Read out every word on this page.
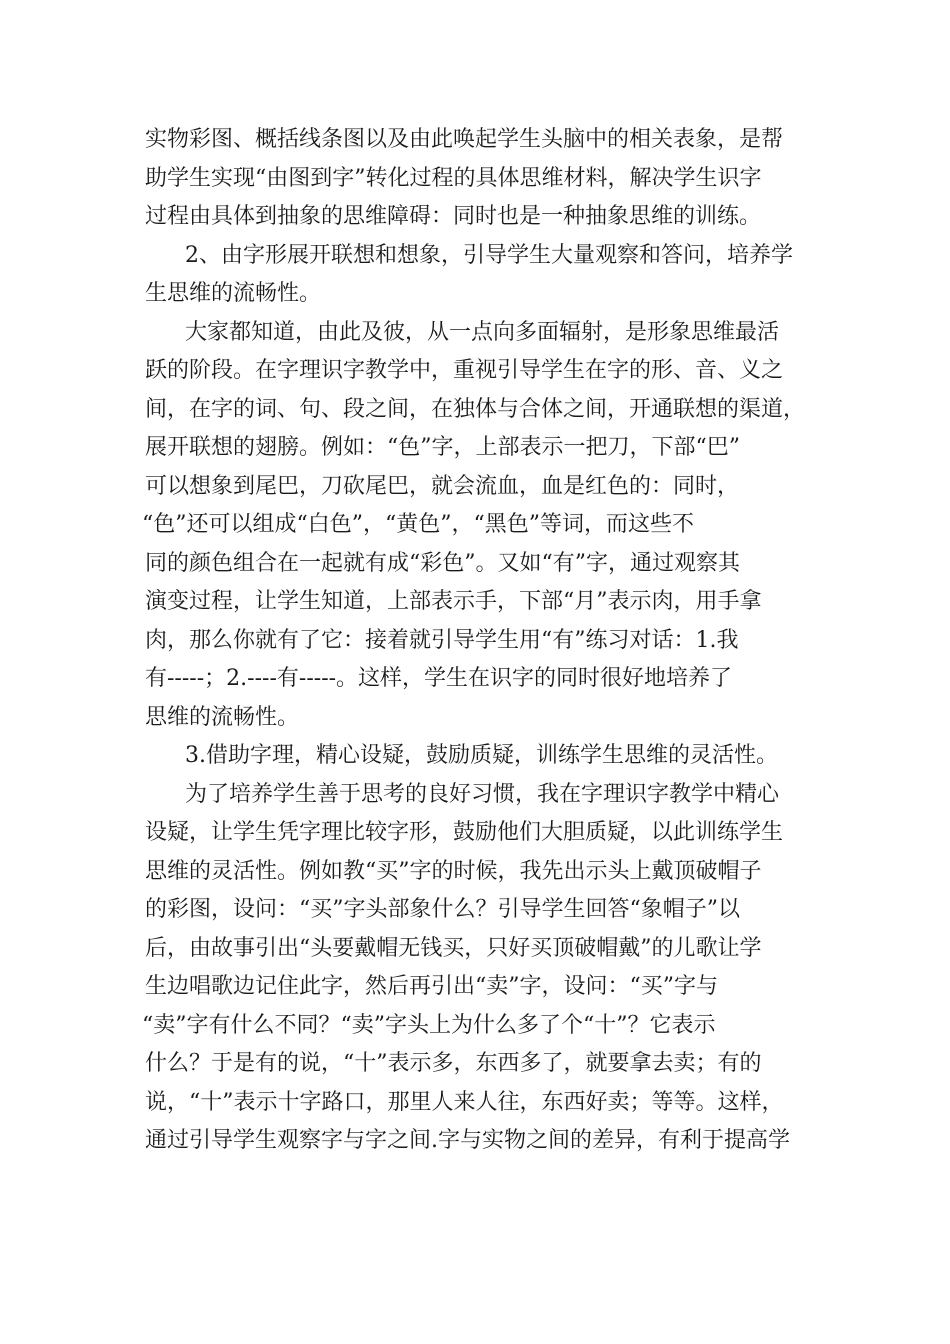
实物彩图、概括线条图以及由此唤起学生头脑中的相关表象，是帮
助学生实现“由图到字”转化过程的具体思维材料，解决学生识字
过程由具体到抽象的思维障碍：同时也是一种抽象思维的训练。
2、由字形展开联想和想象，引导学生大量观察和答问，培养学
生思维的流畅性。
大家都知道，由此及彼，从一点向多面辐射，是形象思维最活
跃的阶段。在字理识字教学中，重视引导学生在字的形、音、义之
间，在字的词、句、段之间，在独体与合体之间，开通联想的渠道，
展开联想的翅膀。例如：“色”字，上部表示一把刀，下部“巴”
可以想象到尾巴，刀砍尾巴，就会流血，血是红色的：同时，
“色”还可以组成“白色”，“黄色”，“黑色”等词，而这些不
同的颜色组合在一起就有成“彩色”。又如“有”字，通过观察其
演变过程，让学生知道，上部表示手，下部“月”表示肉，用手拿
肉，那么你就有了它：接着就引导学生用“有”练习对话：1.我
有-----；2.----有-----。这样，学生在识字的同时很好地培养了
思维的流畅性。
3.借助字理，精心设疑，鼓励质疑，训练学生思维的灵活性。
为了培养学生善于思考的良好习惯，我在字理识字教学中精心
设疑，让学生凭字理比较字形，鼓励他们大胆质疑，以此训练学生
思维的灵活性。例如教“买”字的时候，我先出示头上戴顶破帽子
的彩图，设问：“买”字头部象什么？引导学生回答“象帽子”以
后，由故事引出“头要戴帽无钱买，只好买顶破帽戴”的儿歌让学
生边唱歌边记住此字，然后再引出“卖”字，设问：“买”字与
“卖”字有什么不同？“卖”字头上为什么多了个“十”？它表示
什么？于是有的说，“十”表示多，东西多了，就要拿去卖；有的
说，“十”表示十字路口，那里人来人往，东西好卖；等等。这样，
通过引导学生观察字与字之间.字与实物之间的差异，有利于提高学
